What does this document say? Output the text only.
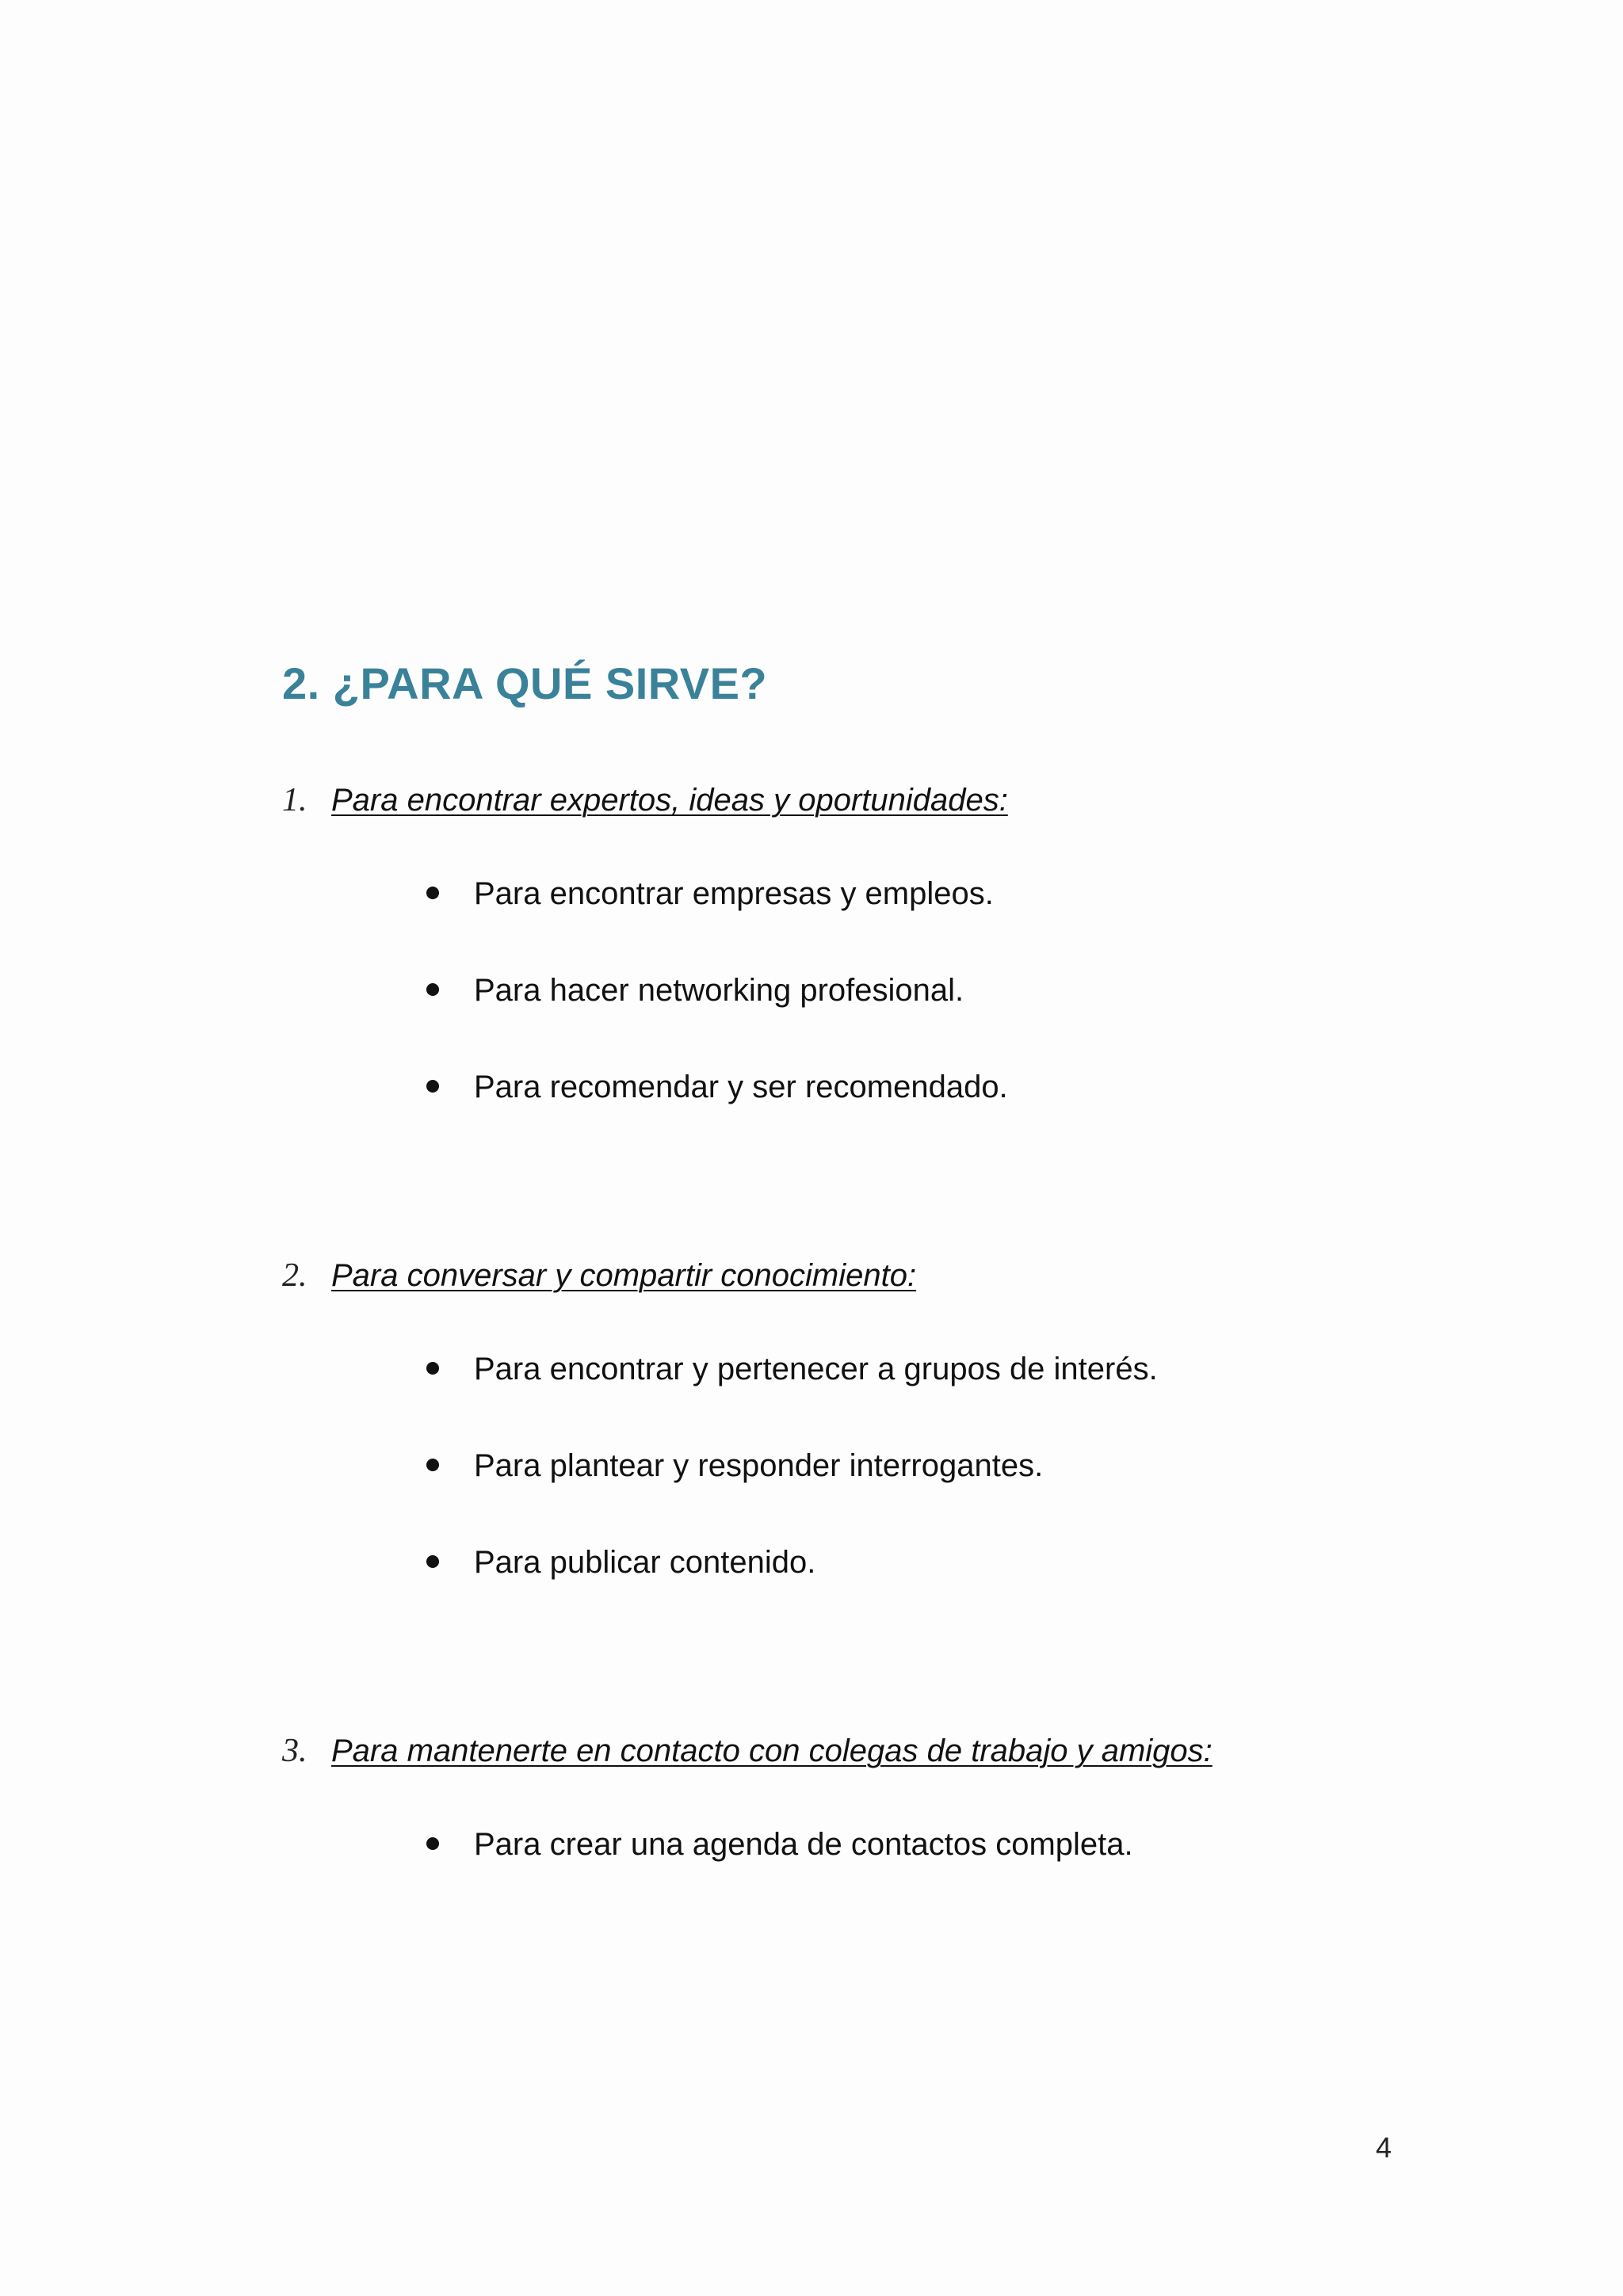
2. ¿PARA QUÉ SIRVE?
1. Para encontrar expertos, ideas y oportunidades:
Para encontrar empresas y empleos.
Para hacer networking profesional.
Para recomendar y ser recomendado.
2. Para conversar y compartir conocimiento:
Para encontrar y pertenecer a grupos de interés.
Para plantear y responder interrogantes.
Para publicar contenido.
3. Para mantenerte en contacto con colegas de trabajo y amigos:
Para crear una agenda de contactos completa.
4
